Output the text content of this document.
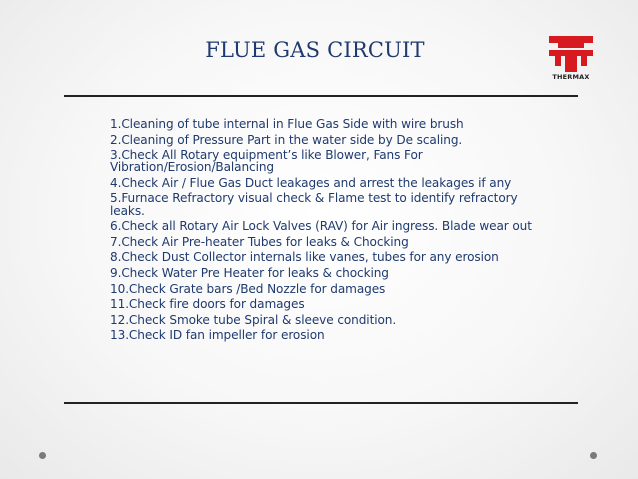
FLUE GAS CIRCUIT
THERMAX
1.Cleaning of tube internal in Flue Gas Side with wire brush
2.Cleaning of Pressure Part in the water side by De scaling.
3.Check All Rotary equipment’s like Blower, Fans For Vibration/Erosion/Balancing
4.Check Air / Flue Gas Duct leakages and arrest the leakages if any
5.Furnace Refractory visual check & Flame test to identify refractory leaks.
6.Check all Rotary Air Lock Valves (RAV) for Air ingress. Blade wear out
7.Check Air Pre-heater Tubes for leaks & Chocking
8.Check Dust Collector internals like vanes, tubes for any erosion
9.Check Water Pre Heater for leaks & chocking
10.Check Grate bars /Bed Nozzle for damages
11.Check fire doors for damages
12.Check Smoke tube Spiral & sleeve condition.
13.Check ID fan impeller for erosion
